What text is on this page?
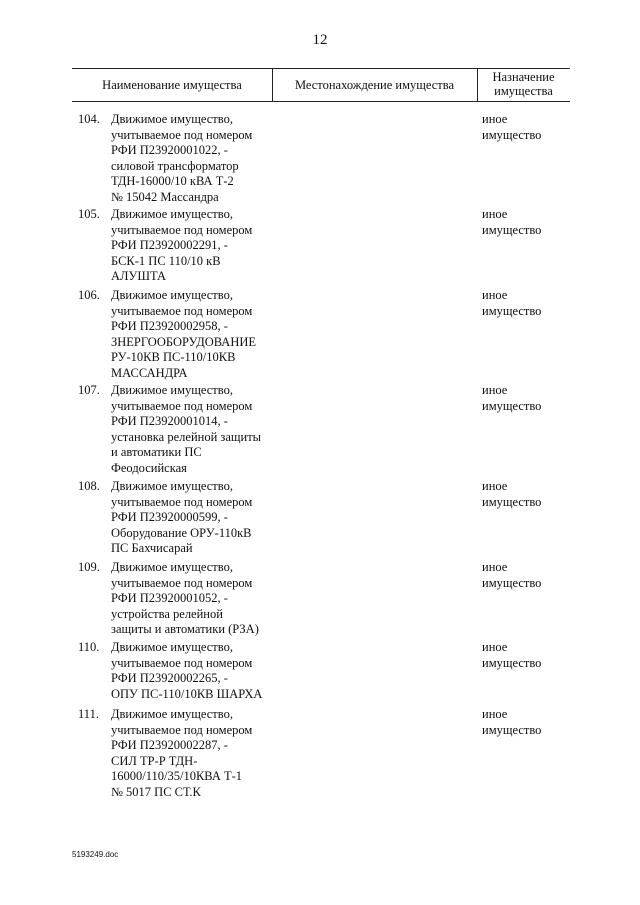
12
Наименование имущества	Местонахождение имущества
Назначение
имущества
104. Движимое имущество,
учитываемое под номером
РФИ П23920001022, -
силовой трансформатор
ТДН-16000/10 кВА Т-2
№ 15042 Массандра
иное
имущество
105. Движимое имущество,
учитываемое под номером
РФИ П23920002291, -
БСК-1 ПС 110/10 кВ
АЛУШТА
иное
имущество
106. Движимое имущество,
учитываемое под номером
РФИ П23920002958, -
ЗНЕРГООБОРУДОВАНИЕ
РУ-10КВ ПС-110/10КВ
МАССАНДРА
иное
имущество
107. Движимое имущество,
учитываемое под номером
РФИ П23920001014, -
установка релейной защиты
и автоматики ПС
Феодосийская
иное
имущество
108. Движимое имущество,
учитываемое под номером
РФИ П23920000599, -
Оборудование ОРУ-110кВ
ПС Бахчисарай
иное
имущество
109. Движимое имущество,
учитываемое под номером
РФИ П23920001052, -
устройства релейной
защиты и автоматики (РЗА)
иное
имущество
110. Движимое имущество,
учитываемое под номером
РФИ П23920002265, -
ОПУ ПС-110/10КВ ШАРХА
иное
имущество
111. Движимое имущество,
учитываемое под номером
РФИ П23920002287, -
СИЛ ТР-Р ТДН-
16000/110/35/10КВА Т-1
№ 5017 ПС СТ.К
иное
имущество
5193249.doc
